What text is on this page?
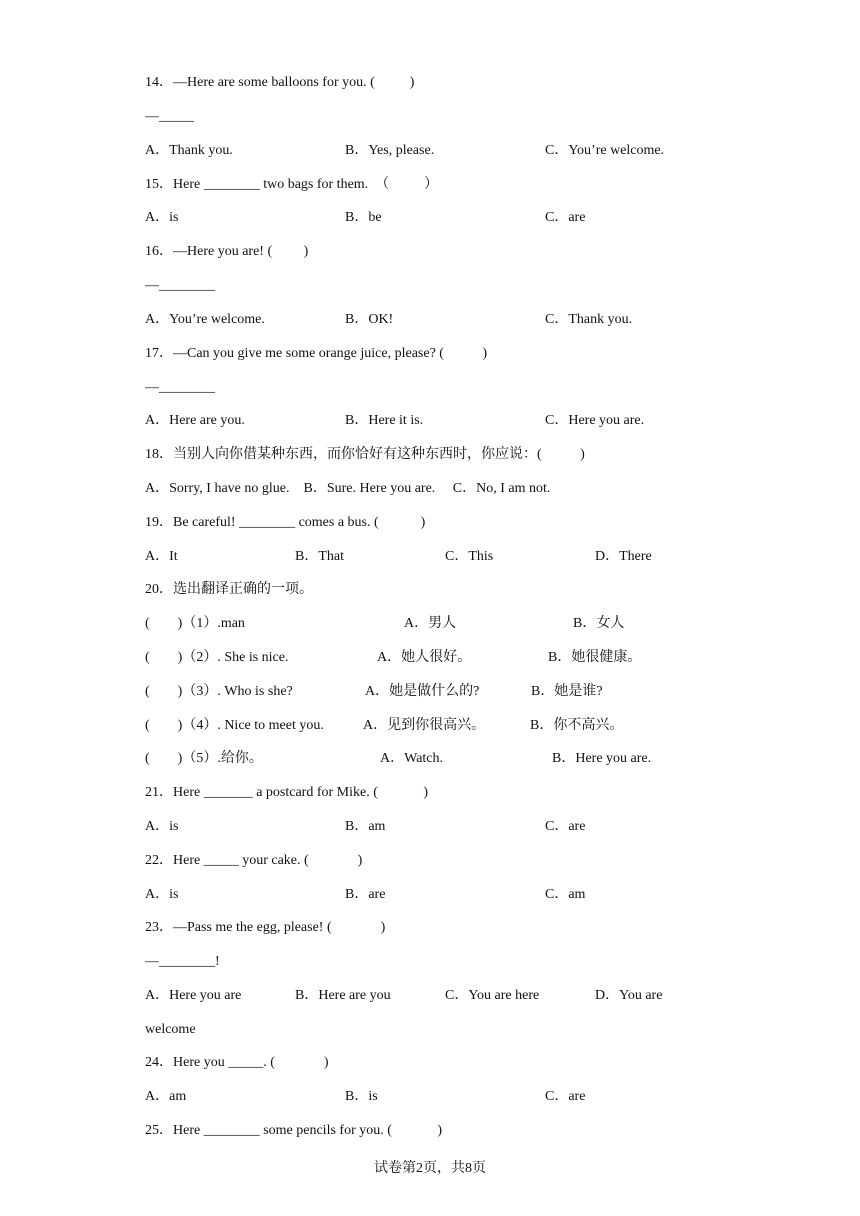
14．—Here are some balloons for you. (          )
—_____
A．Thank you.	B．Yes, please.	C．You’re welcome.
15．Here ________ two bags for them.  （          ）
A．is	B．be	C．are
16．—Here you are! (         )
—________
A．You’re welcome.	B．OK!	C．Thank you.
17．—Can you give me some orange juice, please? (           )
—________
A．Here are you.	B．Here it is.	C．Here you are.
18．当别人向你借某种东西，而你恰好有这种东西时，你应说：(           )
A．Sorry, I have no glue.    B．Sure. Here you are.     C．No, I am not.
19．Be careful! ________ comes a bus. (            )
A．It	B．That	C．This	D．There
20．选出翻译正确的一项。
(        )（1）.man	A．男人	B．女人
(        )（2）. She is nice.	A．她人很好。	B．她很健康。
(        )（3）. Who is she?	A．她是做什么的?	B．她是谁?
(        )（4）. Nice to meet you.	A．见到你很高兴。	B．你不高兴。
(        )（5）.给你。	A．Watch.	B．Here you are.
21．Here _______ a postcard for Mike. (             )
A．is	B．am	C．are
22．Here _____ your cake. (              )
A．is	B．are	C．am
23．—Pass me the egg, please! (              )
—________!
A．Here you are	B．Here are you	C．You are here	D．You are
welcome
24．Here you _____. (              )
A．am	B．is	C．are
25．Here ________ some pencils for you. (             )
试卷第2页，共8页
